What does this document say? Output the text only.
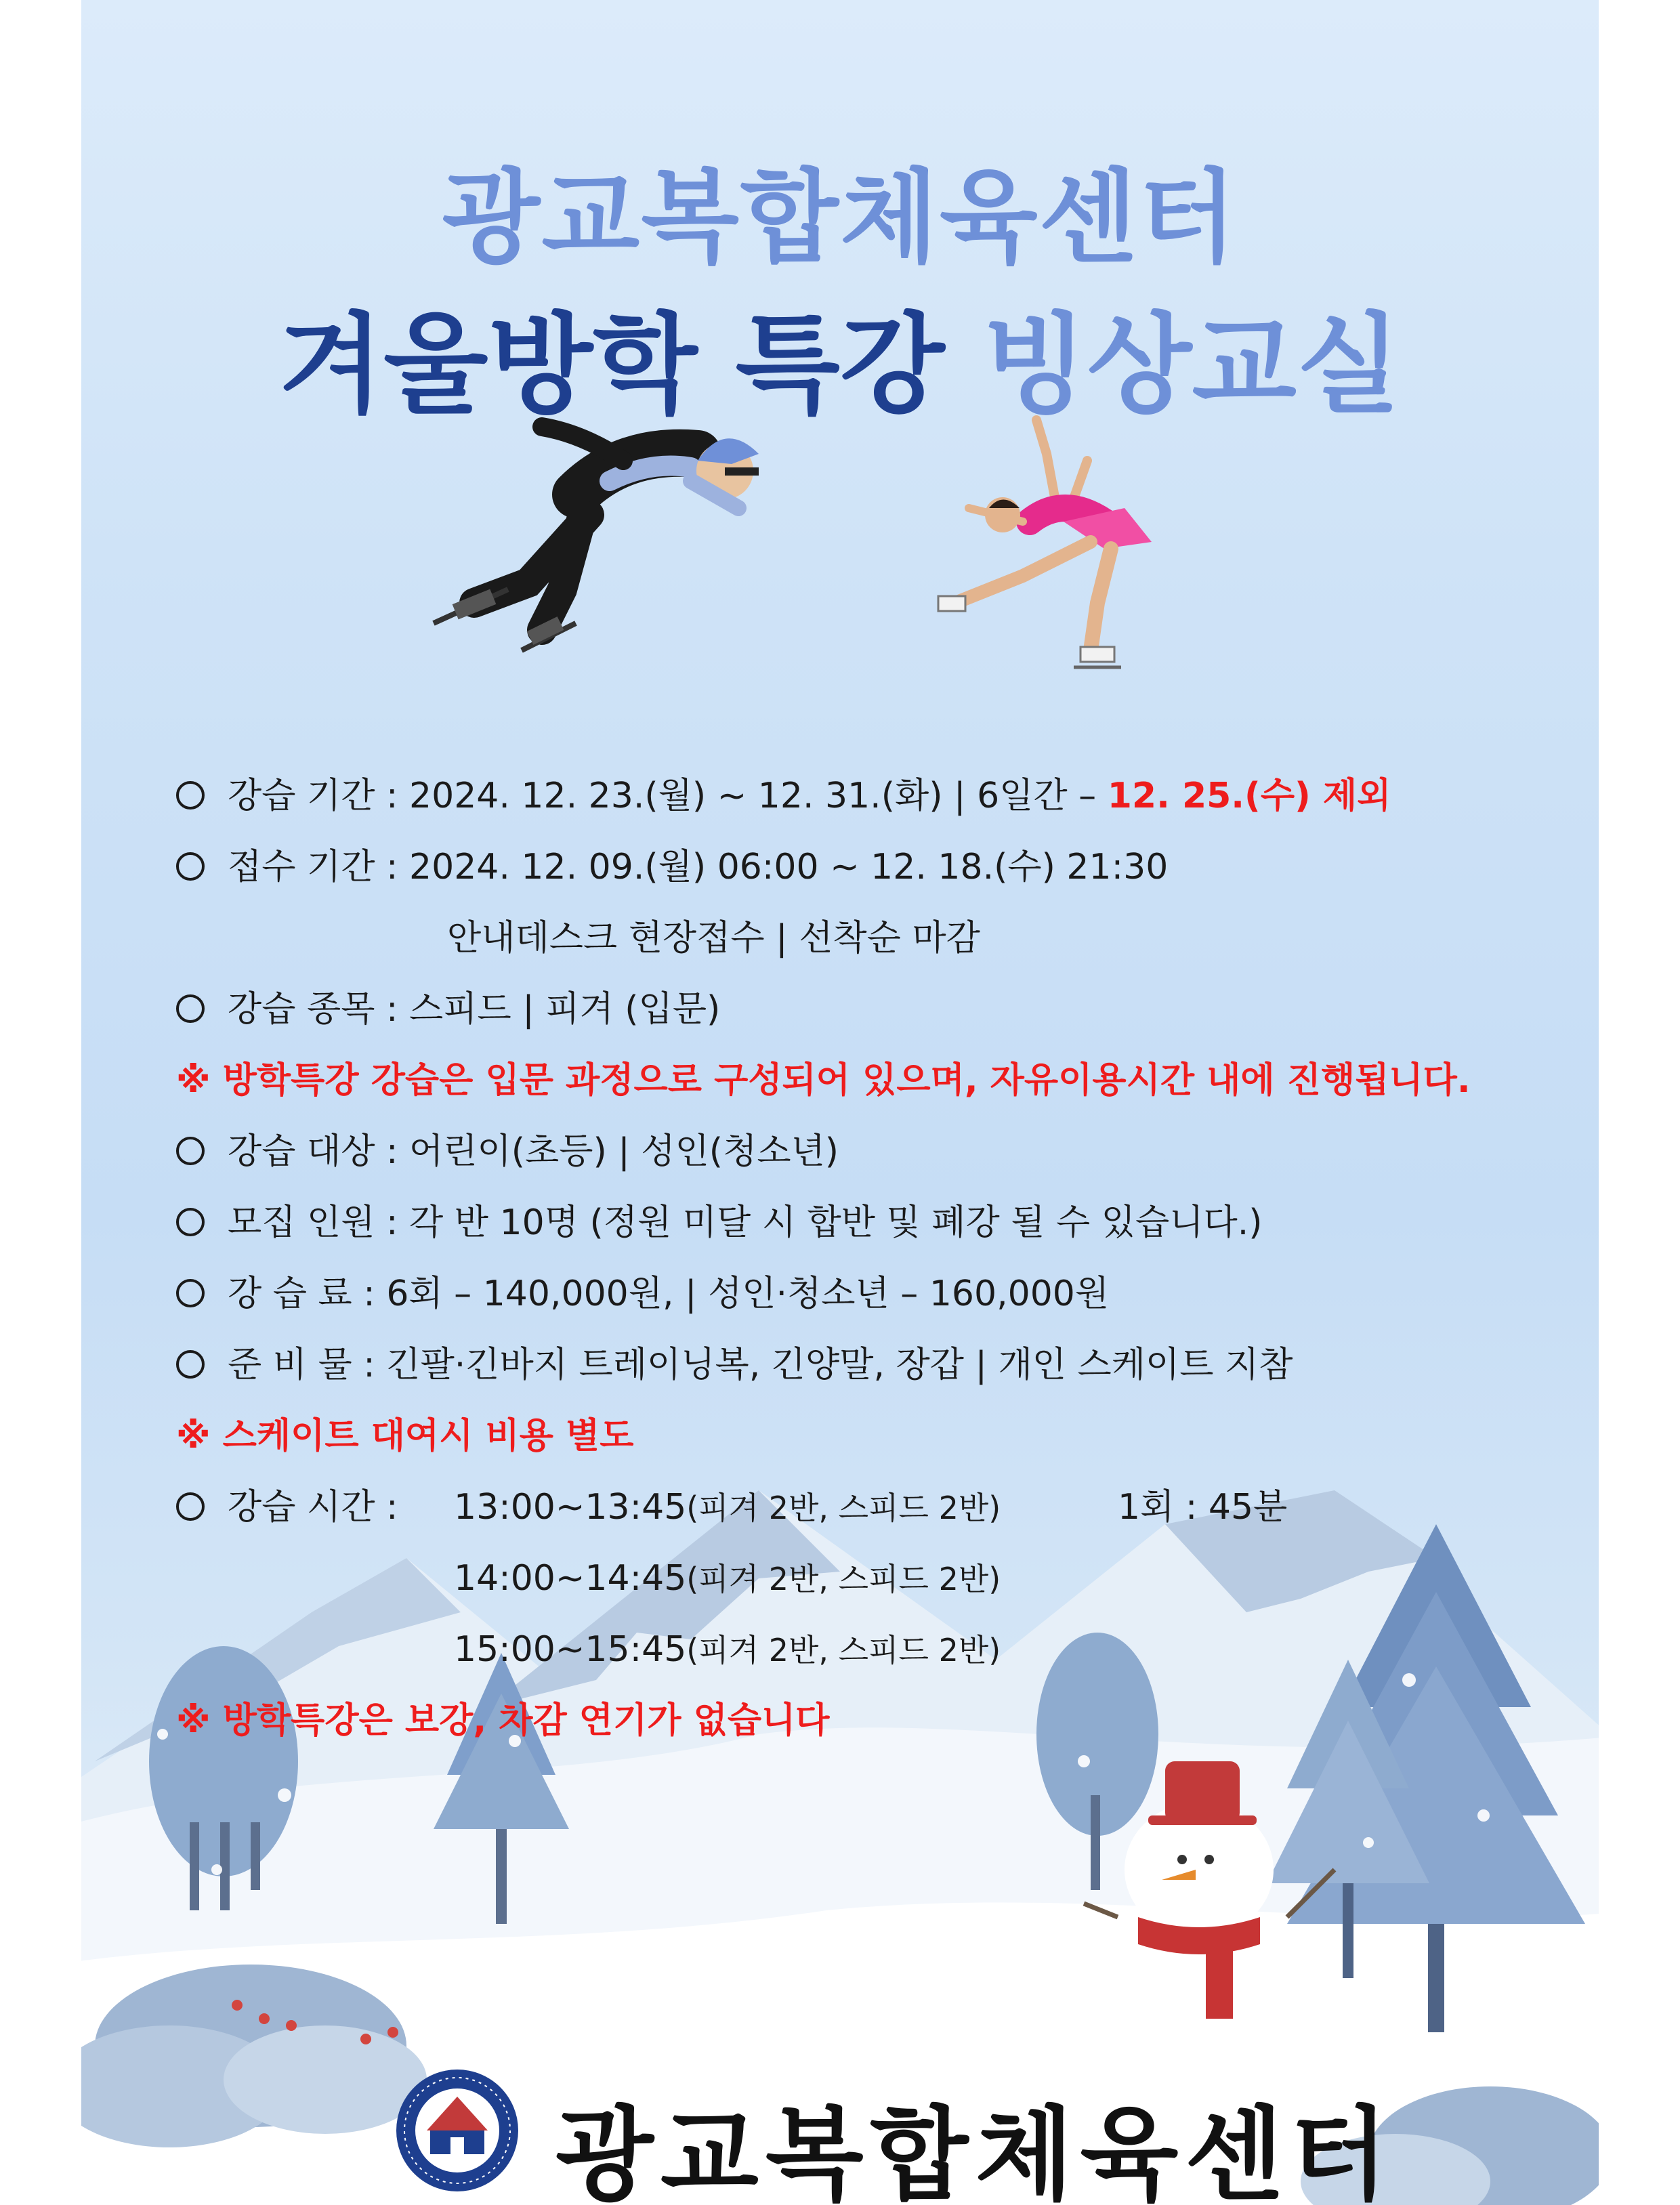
광교복합체육센터
겨울방학 특강 빙상교실
강습 기간 : 2024. 12. 23.(월) ~ 12. 31.(화) | 6일간 – 12. 25.(수) 제외
접수 기간 : 2024. 12. 09.(월) 06:00 ~ 12. 18.(수) 21:30
안내데스크 현장접수 | 선착순 마감
강습 종목 : 스피드 | 피겨 (입문)
※ 방학특강 강습은 입문 과정으로 구성되어 있으며, 자유이용시간 내에 진행됩니다.
강습 대상 : 어린이(초등) | 성인(청소년)
모집 인원 : 각 반 10명 (정원 미달 시 합반 및 폐강 될 수 있습니다.)
강 습 료 : 6회 – 140,000원, | 성인·청소년 – 160,000원
준 비 물 : 긴팔·긴바지 트레이닝복, 긴양말, 장갑 | 개인 스케이트 지참
※ 스케이트 대여시 비용 별도
강습 시간 : 13:00~13:45(피겨 2반, 스피드 2반)	1회 : 45분
14:00~14:45(피겨 2반, 스피드 2반)
15:00~15:45(피겨 2반, 스피드 2반)
※ 방학특강은 보강, 차감 연기가 없습니다
광교복합체육센터
